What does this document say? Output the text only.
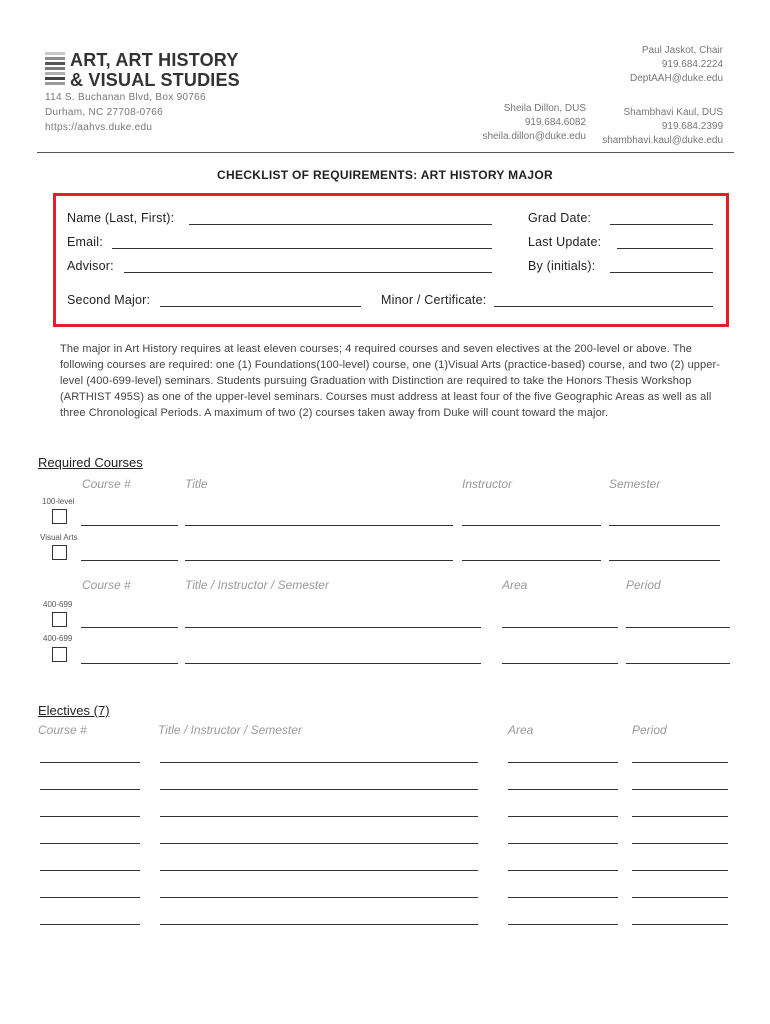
ART, ART HISTORY
& VISUAL STUDIES
114 S. Buchanan Blvd, Box 90766
Durham, NC 27708-0766
https://aahvs.duke.edu
Paul Jaskot, Chair
919.684.2224
DeptAAH@duke.edu
Sheila Dillon, DUS
919.684.6082
sheila.dillon@duke.edu
Shambhavi Kaul, DUS
919.684.2399
shambhavi.kaul@duke.edu
CHECKLIST OF REQUIREMENTS: ART HISTORY MAJOR
Name (Last, First):	Grad Date:
Email:	Last Update:
Advisor:	By (initials):
Second Major:	Minor / Certificate:
The major in Art History requires at least eleven courses; 4 required courses and seven electives at the 200-level or above. The following courses are required: one (1) Foundations(100-level) course, one (1)Visual Arts (practice-based) course, and two (2) upper-level (400-699-level) seminars. Students pursuing Graduation with Distinction are required to take the Honors Thesis Workshop (ARTHIST 495S) as one of the upper-level seminars. Courses must address at least four of the five Geographic Areas as well as all three Chronological Periods. A maximum of two (2) courses taken away from Duke will count toward the major.
Required Courses
Course #	Title	Instructor	Semester
100-level
Visual Arts
Course #	Title / Instructor / Semester	Area	Period
400-699
400-699
Electives (7)
Course #	Title / Instructor / Semester	Area	Period
